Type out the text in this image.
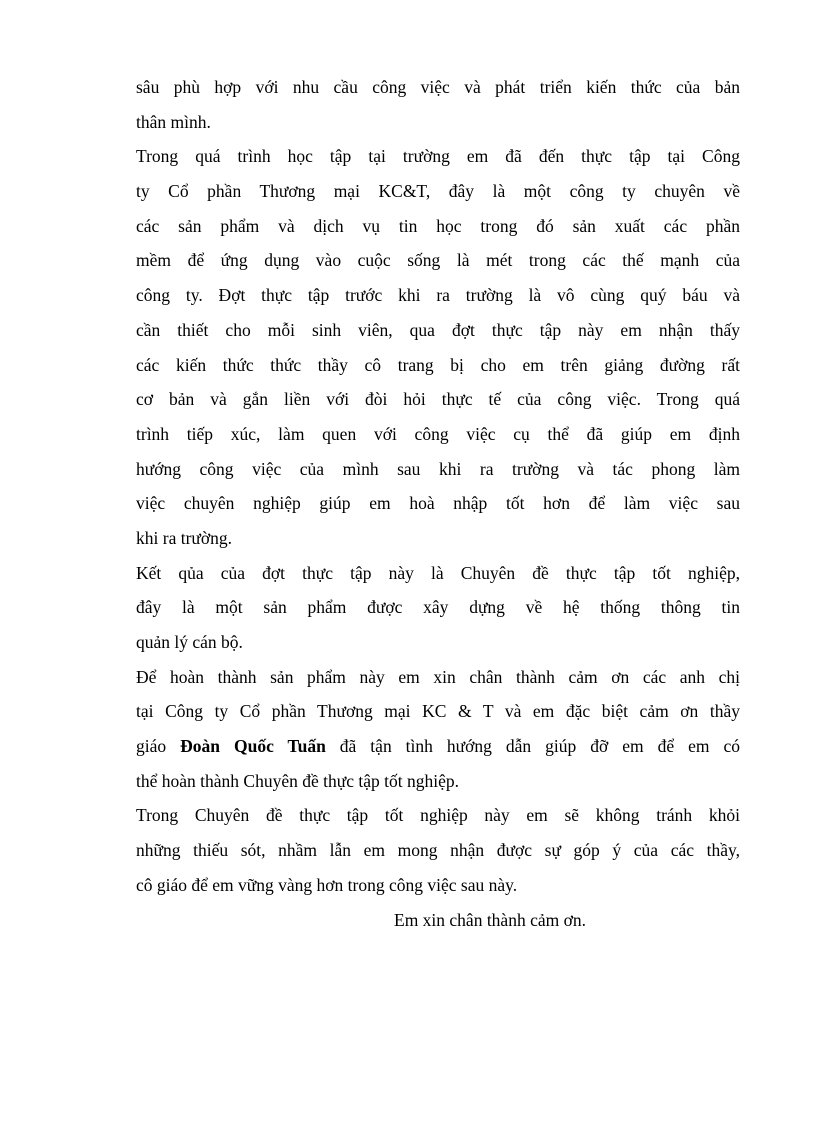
sâu phù hợp với nhu cầu công việc và phát triển kiến thức của bản
thân mình.
Trong quá trình học tập tại trường em đã đến thực tập tại Công
ty Cổ phần Thương mại KC&T, đây là một công ty chuyên về
các sản phẩm và dịch vụ tin học trong đó sản xuất các phần
mềm để ứng dụng vào cuộc sống là mét trong các thế mạnh của
công ty. Đợt thực tập trước khi ra trường là vô cùng quý báu và
cần thiết cho mỗi sinh viên, qua đợt thực tập này em nhận thấy
các kiến thức thức thầy cô trang bị cho em trên giảng đường rất
cơ bản và gắn liền với đòi hỏi thực tế của công việc. Trong quá
trình tiếp xúc, làm quen với công việc cụ thể đã giúp em định
hướng công việc của mình sau khi ra trường và tác phong làm
việc chuyên nghiệp giúp em hoà nhập tốt hơn để làm việc sau
khi ra trường.
Kết qủa của đợt thực tập này là Chuyên đề thực tập tốt nghiệp,
đây là một sản phẩm được xây dựng về hệ thống thông tin
quản lý cán bộ.
Để hoàn thành sản phẩm này em xin chân thành cảm ơn các anh chị
tại Công ty Cổ phần Thương mại KC & T và em đặc biệt cảm ơn thầy
giáo Đoàn Quốc Tuấn đã tận tình hướng dẫn giúp đỡ em để em có
thể hoàn thành Chuyên đề thực tập tốt nghiệp.
Trong Chuyên đề thực tập tốt nghiệp này em sẽ không tránh khỏi
những thiếu sót, nhầm lẫn em mong nhận được sự góp ý của các thầy,
cô giáo để em vững vàng hơn trong công việc sau này.
Em xin chân thành cảm ơn.
